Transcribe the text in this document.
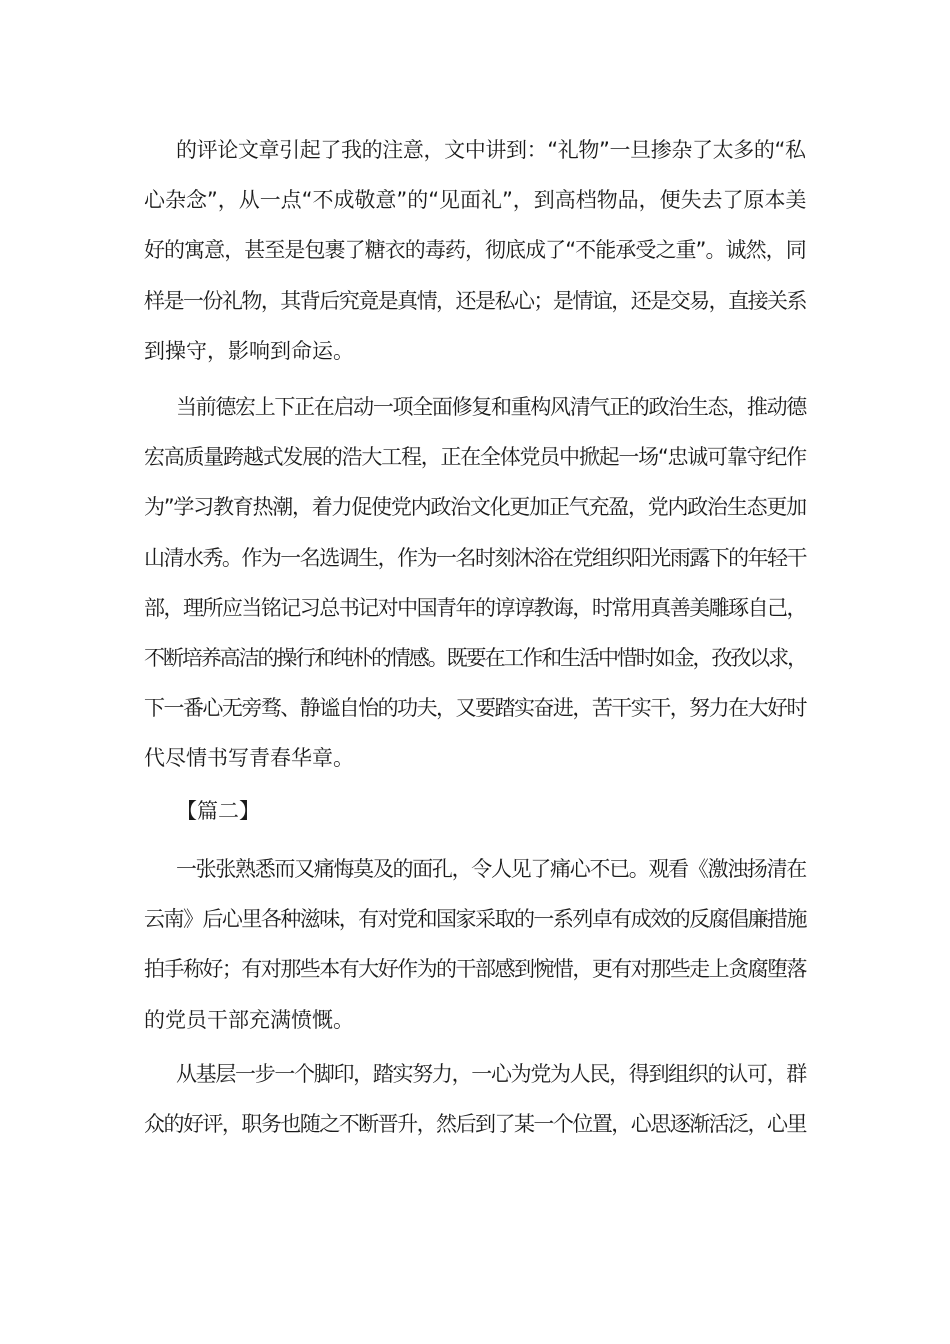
的评论文章引起了我的注意，文中讲到：“礼物”一旦掺杂了太多的“私
心杂念”，从一点“不成敬意”的“见面礼”，到高档物品，便失去了原本美
好的寓意，甚至是包裹了糖衣的毒药，彻底成了“不能承受之重”。诚然，同
样是一份礼物，其背后究竟是真情，还是私心；是情谊，还是交易，直接关系
到操守，影响到命运。
当前德宏上下正在启动一项全面修复和重构风清气正的政治生态，推动德
宏高质量跨越式发展的浩大工程，正在全体党员中掀起一场“忠诚可靠守纪作
为”学习教育热潮，着力促使党内政治文化更加正气充盈，党内政治生态更加
山清水秀。作为一名选调生，作为一名时刻沐浴在党组织阳光雨露下的年轻干
部，理所应当铭记习总书记对中国青年的谆谆教诲，时常用真善美雕琢自己，
不断培养高洁的操行和纯朴的情感。既要在工作和生活中惜时如金，孜孜以求，
下一番心无旁骛、静谧自怡的功夫，又要踏实奋进，苦干实干，努力在大好时
代尽情书写青春华章。
【篇二】
一张张熟悉而又痛悔莫及的面孔，令人见了痛心不已。观看《激浊扬清在
云南》后心里各种滋味，有对党和国家采取的一系列卓有成效的反腐倡廉措施
拍手称好；有对那些本有大好作为的干部感到惋惜，更有对那些走上贪腐堕落
的党员干部充满愤慨。
从基层一步一个脚印，踏实努力，一心为党为人民，得到组织的认可，群
众的好评，职务也随之不断晋升，然后到了某一个位置，心思逐渐活泛，心里
